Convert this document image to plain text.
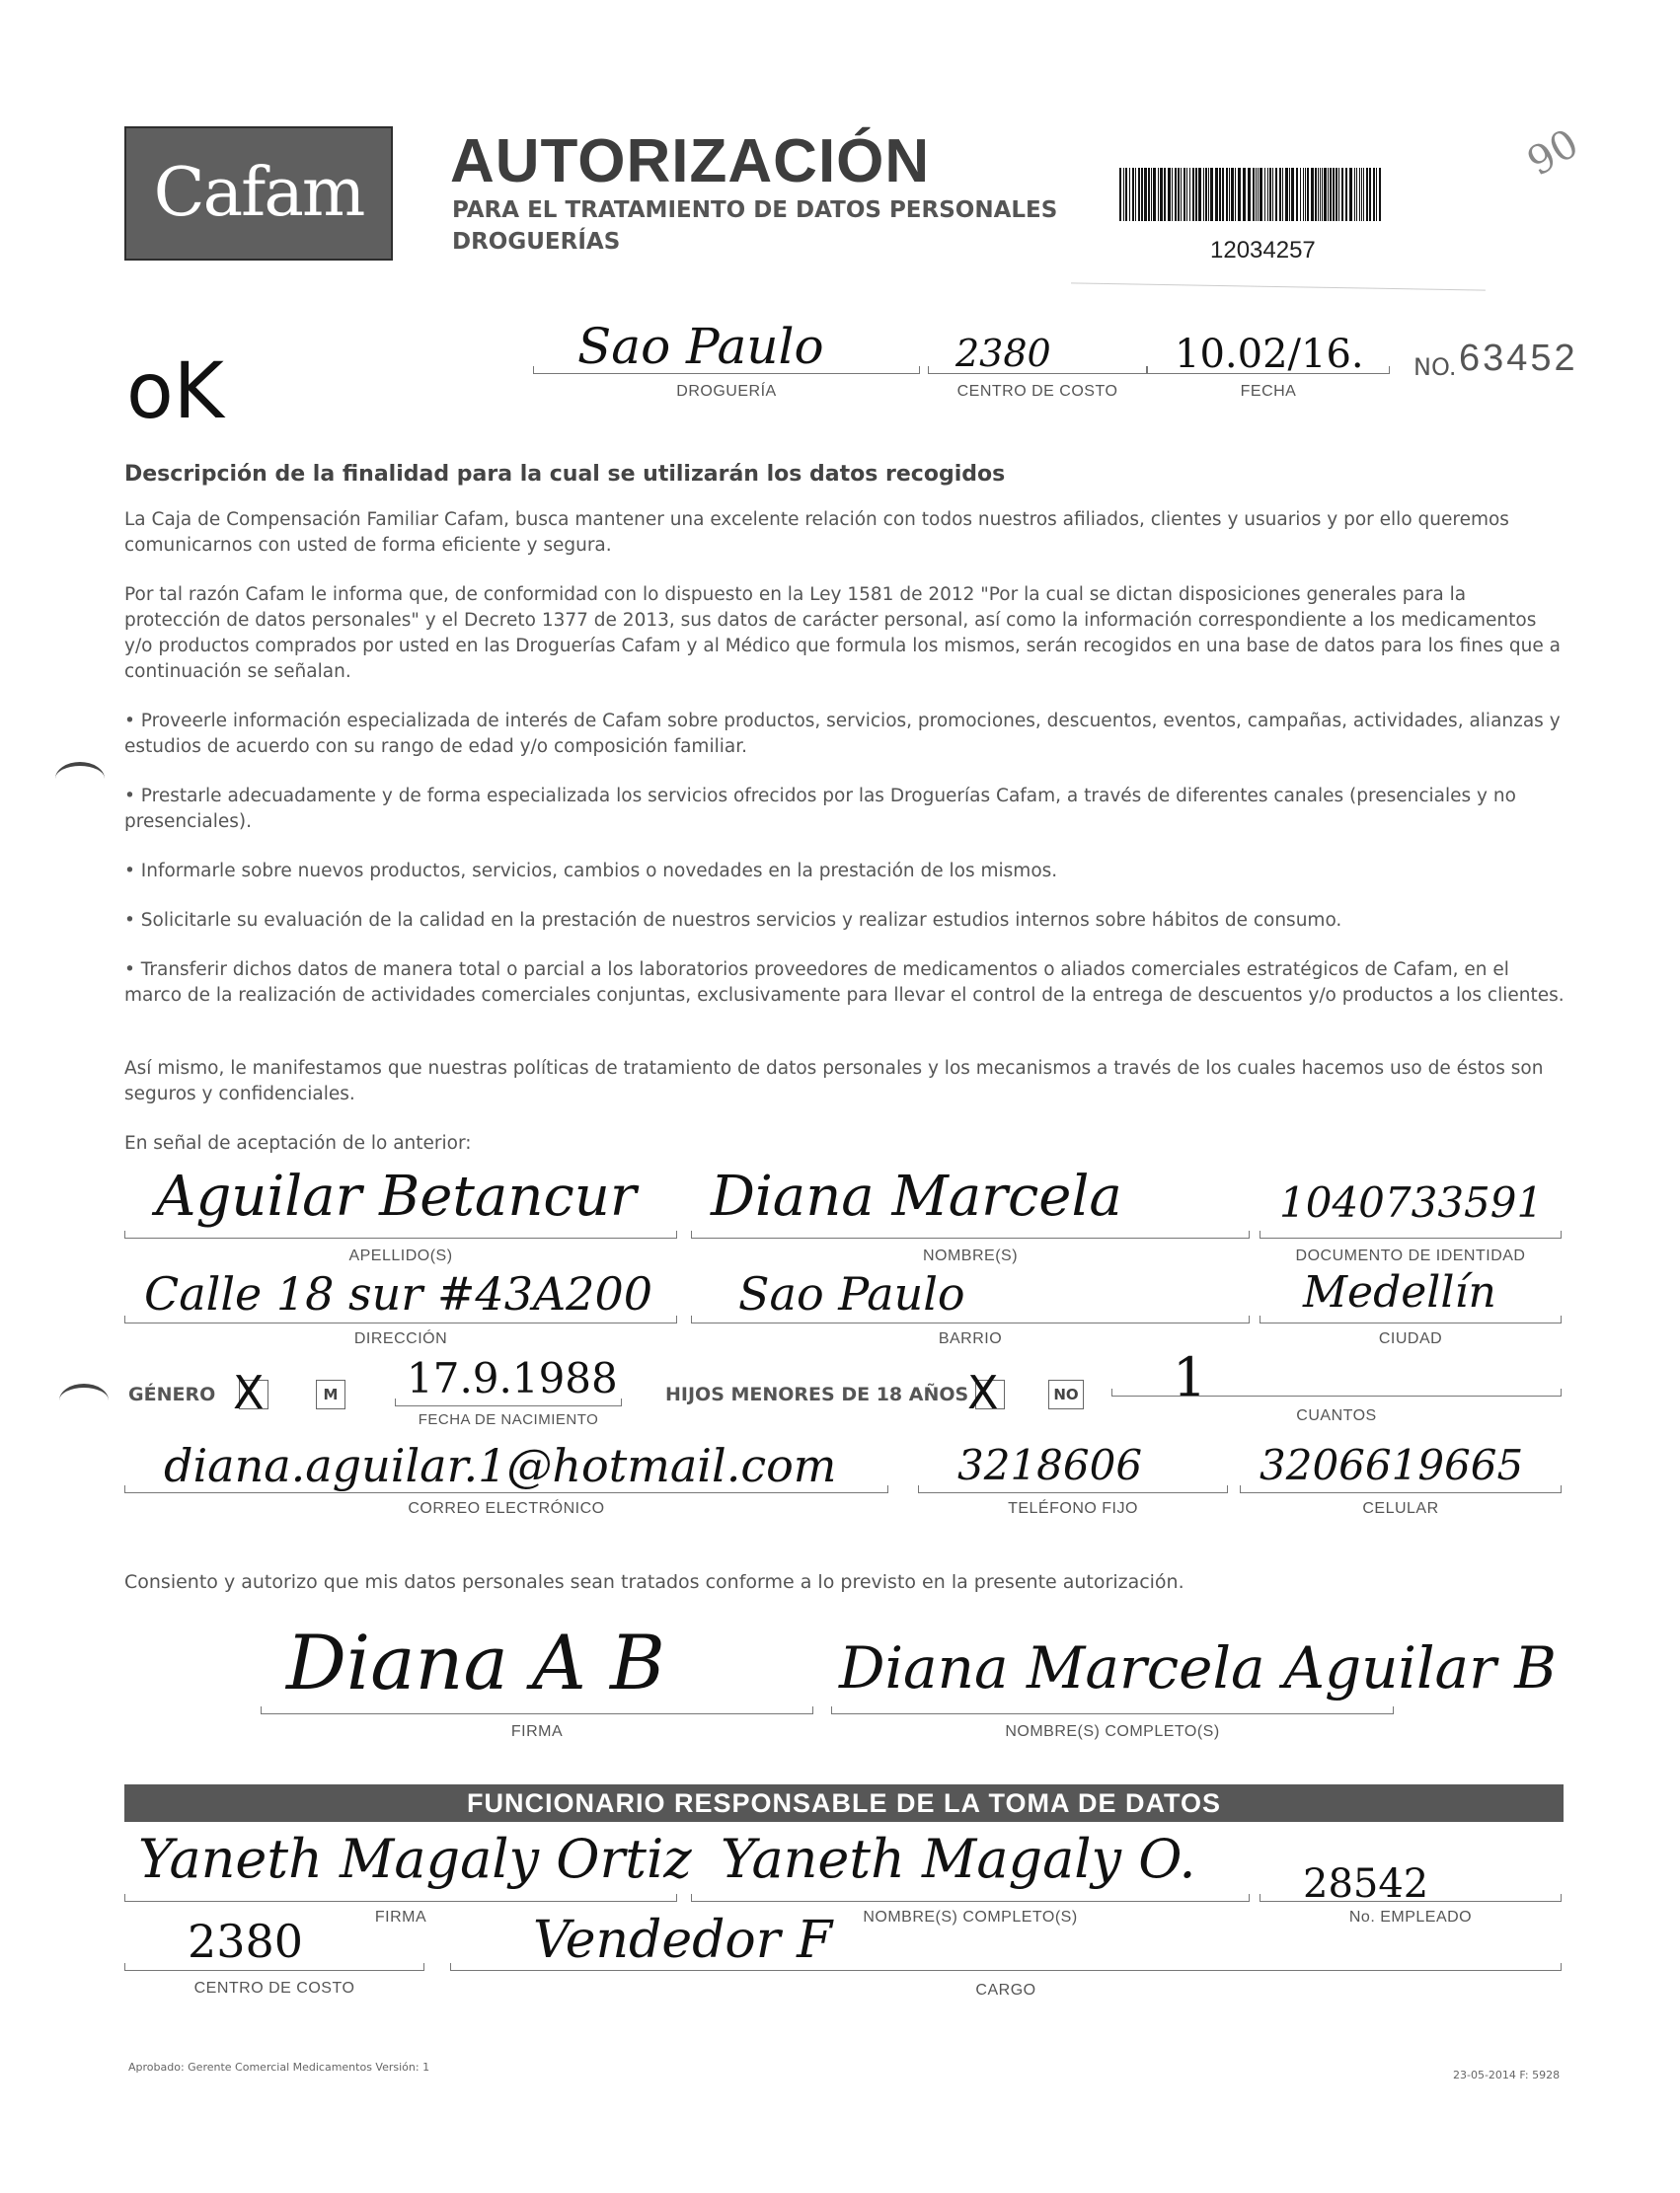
Cafam	AUTORIZACIÓN
PARA EL TRATAMIENTO DE DATOS PERSONALES
DROGUERÍAS	12034257
90
oK
Sao Paulo
DROGUERÍA
2380
CENTRO DE COSTO
10.02/16.
FECHA
NO. 63452
Descripción de la finalidad para la cual se utilizarán los datos recogidos
La Caja de Compensación Familiar Cafam, busca mantener una excelente relación con todos nuestros afiliados, clientes y usuarios y por ello queremos comunicarnos con usted de forma eficiente y segura.
Por tal razón Cafam le informa que, de conformidad con lo dispuesto en la Ley 1581 de 2012 "Por la cual se dictan disposiciones generales para la protección de datos personales" y el Decreto 1377 de 2013, sus datos de carácter personal, así como la información correspondiente a los medicamentos y/o productos comprados por usted en las Droguerías Cafam y al Médico que formula los mismos, serán recogidos en una base de datos para los fines que a continuación se señalan.
• Proveerle información especializada de interés de Cafam sobre productos, servicios, promociones, descuentos, eventos, campañas, actividades, alianzas y estudios de acuerdo con su rango de edad y/o composición familiar.
• Prestarle adecuadamente y de forma especializada los servicios ofrecidos por las Droguerías Cafam, a través de diferentes canales (presenciales y no presenciales).
• Informarle sobre nuevos productos, servicios, cambios o novedades en la prestación de los mismos.
• Solicitarle su evaluación de la calidad en la prestación de nuestros servicios y realizar estudios internos sobre hábitos de consumo.
• Transferir dichos datos de manera total o parcial a los laboratorios proveedores de medicamentos o aliados comerciales estratégicos de Cafam, en el marco de la realización de actividades comerciales conjuntas, exclusivamente para llevar el control de la entrega de descuentos y/o productos a los clientes.
Así mismo, le manifestamos que nuestras políticas de tratamiento de datos personales y los mecanismos a través de los cuales hacemos uso de éstos son seguros y confidenciales.
En señal de aceptación de lo anterior:
Aguilar Betancur
APELLIDO(S)
Diana Marcela
NOMBRE(S)
1040733591
DOCUMENTO DE IDENTIDAD
Calle 18 sur #43A200
DIRECCIÓN
Sao Paulo
BARRIO
Medellín
CIUDAD
GÉNERO X	M 17.9.1988
FECHA DE NACIMIENTO
HIJOS MENORES DE 18 AÑOS
X	NO 1
CUANTOS
diana.aguilar.1@hotmail.com
CORREO ELECTRÓNICO
3218606
TELÉFONO FIJO
3206619665
CELULAR
Consiento y autorizo que mis datos personales sean tratados conforme a lo previsto en la presente autorización.
Diana A B
FIRMA
Diana Marcela Aguilar B
NOMBRE(S) COMPLETO(S)
FUNCIONARIO RESPONSABLE DE LA TOMA DE DATOS
Yaneth Magaly Ortiz
FIRMA
Yaneth Magaly O.
NOMBRE(S) COMPLETO(S)
28542
No. EMPLEADO
2380
CENTRO DE COSTO
Vendedor F
CARGO
Aprobado: Gerente Comercial Medicamentos Versión: 1
23-05-2014 F: 5928
